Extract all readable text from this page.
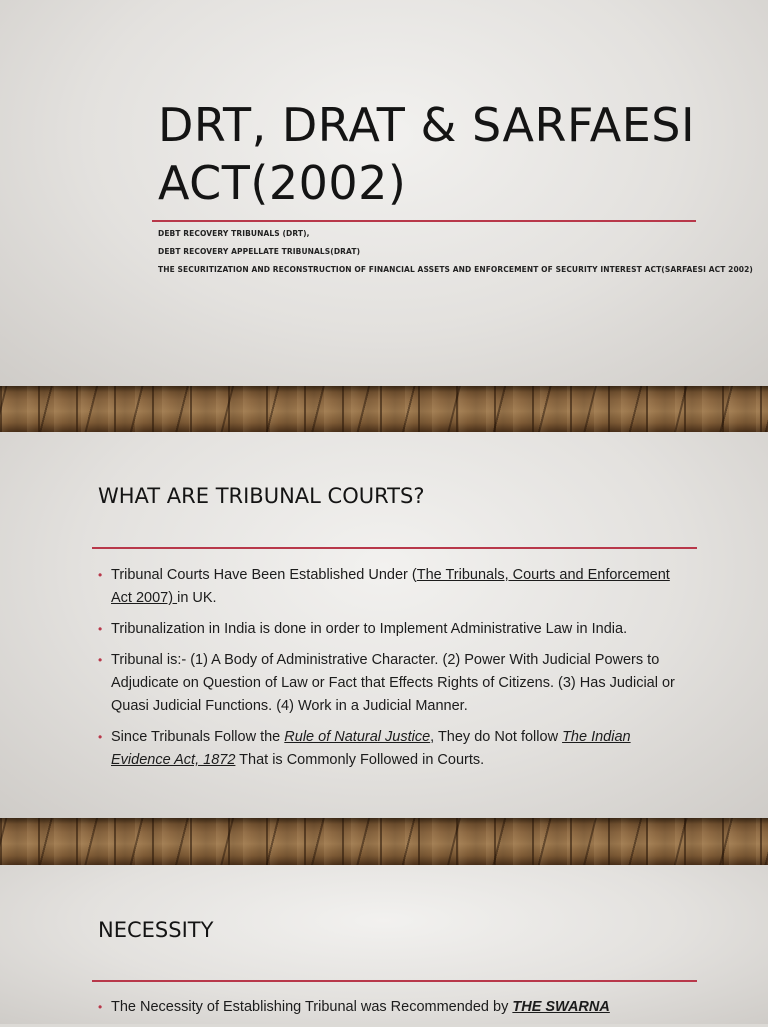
DRT, DRAT & SARFAESI ACT(2002)
DEBT RECOVERY TRIBUNALS (DRT),
DEBT RECOVERY APPELLATE TRIBUNALS(DRAT)
THE SECURITIZATION AND RECONSTRUCTION OF FINANCIAL ASSETS AND ENFORCEMENT OF SECURITY INTEREST ACT(SARFAESI ACT 2002)
WHAT ARE TRIBUNAL COURTS?
• Tribunal Courts Have Been Established Under (The Tribunals, Courts and Enforcement Act 2007) in UK.
• Tribunalization in India is done in order to Implement Administrative Law in India.
• Tribunal is:- (1) A Body of Administrative Character. (2) Power With Judicial Powers to Adjudicate on Question of Law or Fact that Effects Rights of Citizens. (3) Has Judicial or Quasi Judicial Functions. (4) Work in a Judicial Manner.
• Since Tribunals Follow the Rule of Natural Justice, They do Not follow The Indian Evidence Act, 1872 That is Commonly Followed in Courts.
NECESSITY
• The Necessity of Establishing Tribunal was Recommended by THE SWARNA
